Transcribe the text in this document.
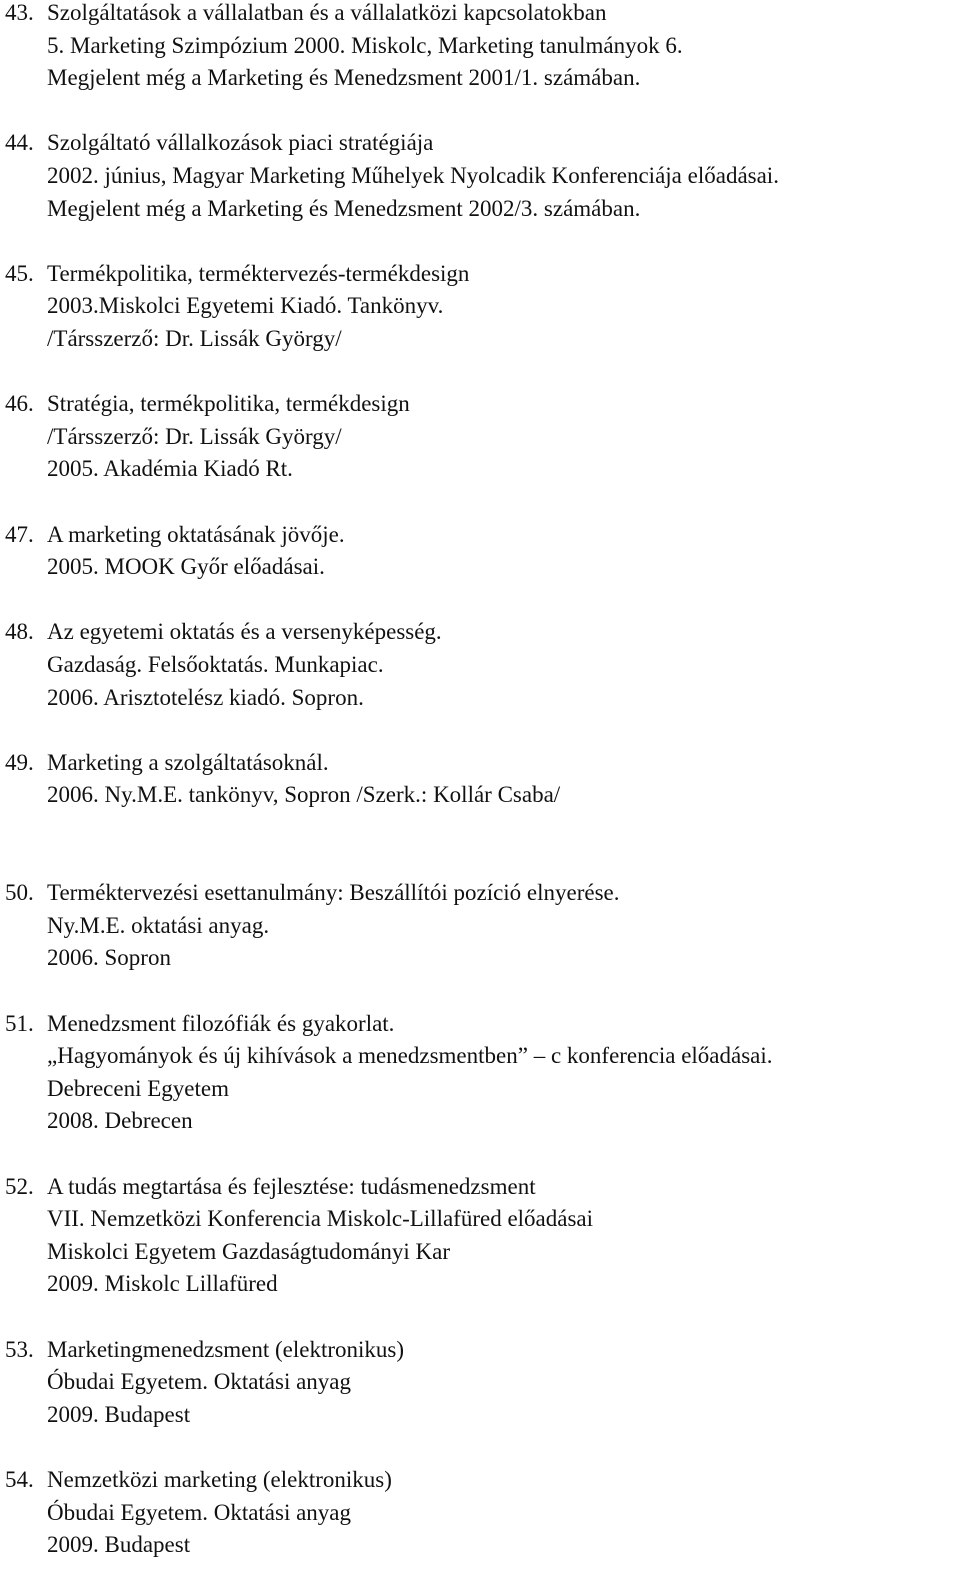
43. Szolgáltatások a vállalatban és a vállalatközi kapcsolatokban
5. Marketing Szimpózium 2000. Miskolc, Marketing tanulmányok 6.
Megjelent még a Marketing és Menedzsment 2001/1. számában.
44. Szolgáltató vállalkozások piaci stratégiája
2002. június, Magyar Marketing Műhelyek Nyolcadik Konferenciája előadásai.
Megjelent még a Marketing és Menedzsment 2002/3. számában.
45. Termékpolitika, terméktervezés-termékdesign
2003.Miskolci Egyetemi Kiadó. Tankönyv.
/Társszerző: Dr. Lissák György/
46. Stratégia, termékpolitika, termékdesign
/Társszerző: Dr. Lissák György/
2005. Akadémia Kiadó Rt.
47. A marketing oktatásának jövője.
2005. MOOK Győr előadásai.
48. Az egyetemi oktatás és a versenyképesség.
Gazdaság. Felsőoktatás. Munkapiac.
2006. Arisztotelész kiadó. Sopron.
49. Marketing a szolgáltatásoknál.
2006. Ny.M.E. tankönyv, Sopron /Szerk.: Kollár Csaba/
50. Terméktervezési esettanulmány: Beszállítói pozíció elnyerése.
Ny.M.E. oktatási anyag.
2006. Sopron
51. Menedzsment filozófiák és gyakorlat.
„Hagyományok és új kihívások a menedzsmentben” – c konferencia előadásai.
Debreceni Egyetem
2008. Debrecen
52. A tudás megtartása és fejlesztése: tudásmenedzsment
VII. Nemzetközi Konferencia Miskolc-Lillafüred előadásai
Miskolci Egyetem Gazdaságtudományi Kar
2009. Miskolc Lillafüred
53. Marketingmenedzsment (elektronikus)
Óbudai Egyetem. Oktatási anyag
2009. Budapest
54. Nemzetközi marketing (elektronikus)
Óbudai Egyetem. Oktatási anyag
2009. Budapest
